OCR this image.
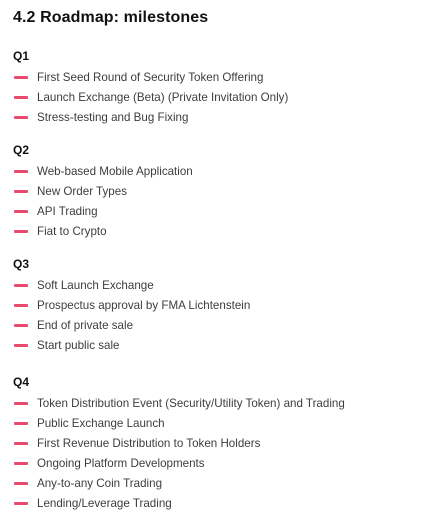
4.2 Roadmap: milestones
Q1
First Seed Round of Security Token Offering
Launch Exchange (Beta) (Private Invitation Only)
Stress-testing and Bug Fixing
Q2
Web-based Mobile Application
New Order Types
API Trading
Fiat to Crypto
Q3
Soft Launch Exchange
Prospectus approval by FMA Lichtenstein
End of private sale
Start public sale
Q4
Token Distribution Event (Security/Utility Token) and Trading
Public Exchange Launch
First Revenue Distribution to Token Holders
Ongoing Platform Developments
Any-to-any Coin Trading
Lending/Leverage Trading
